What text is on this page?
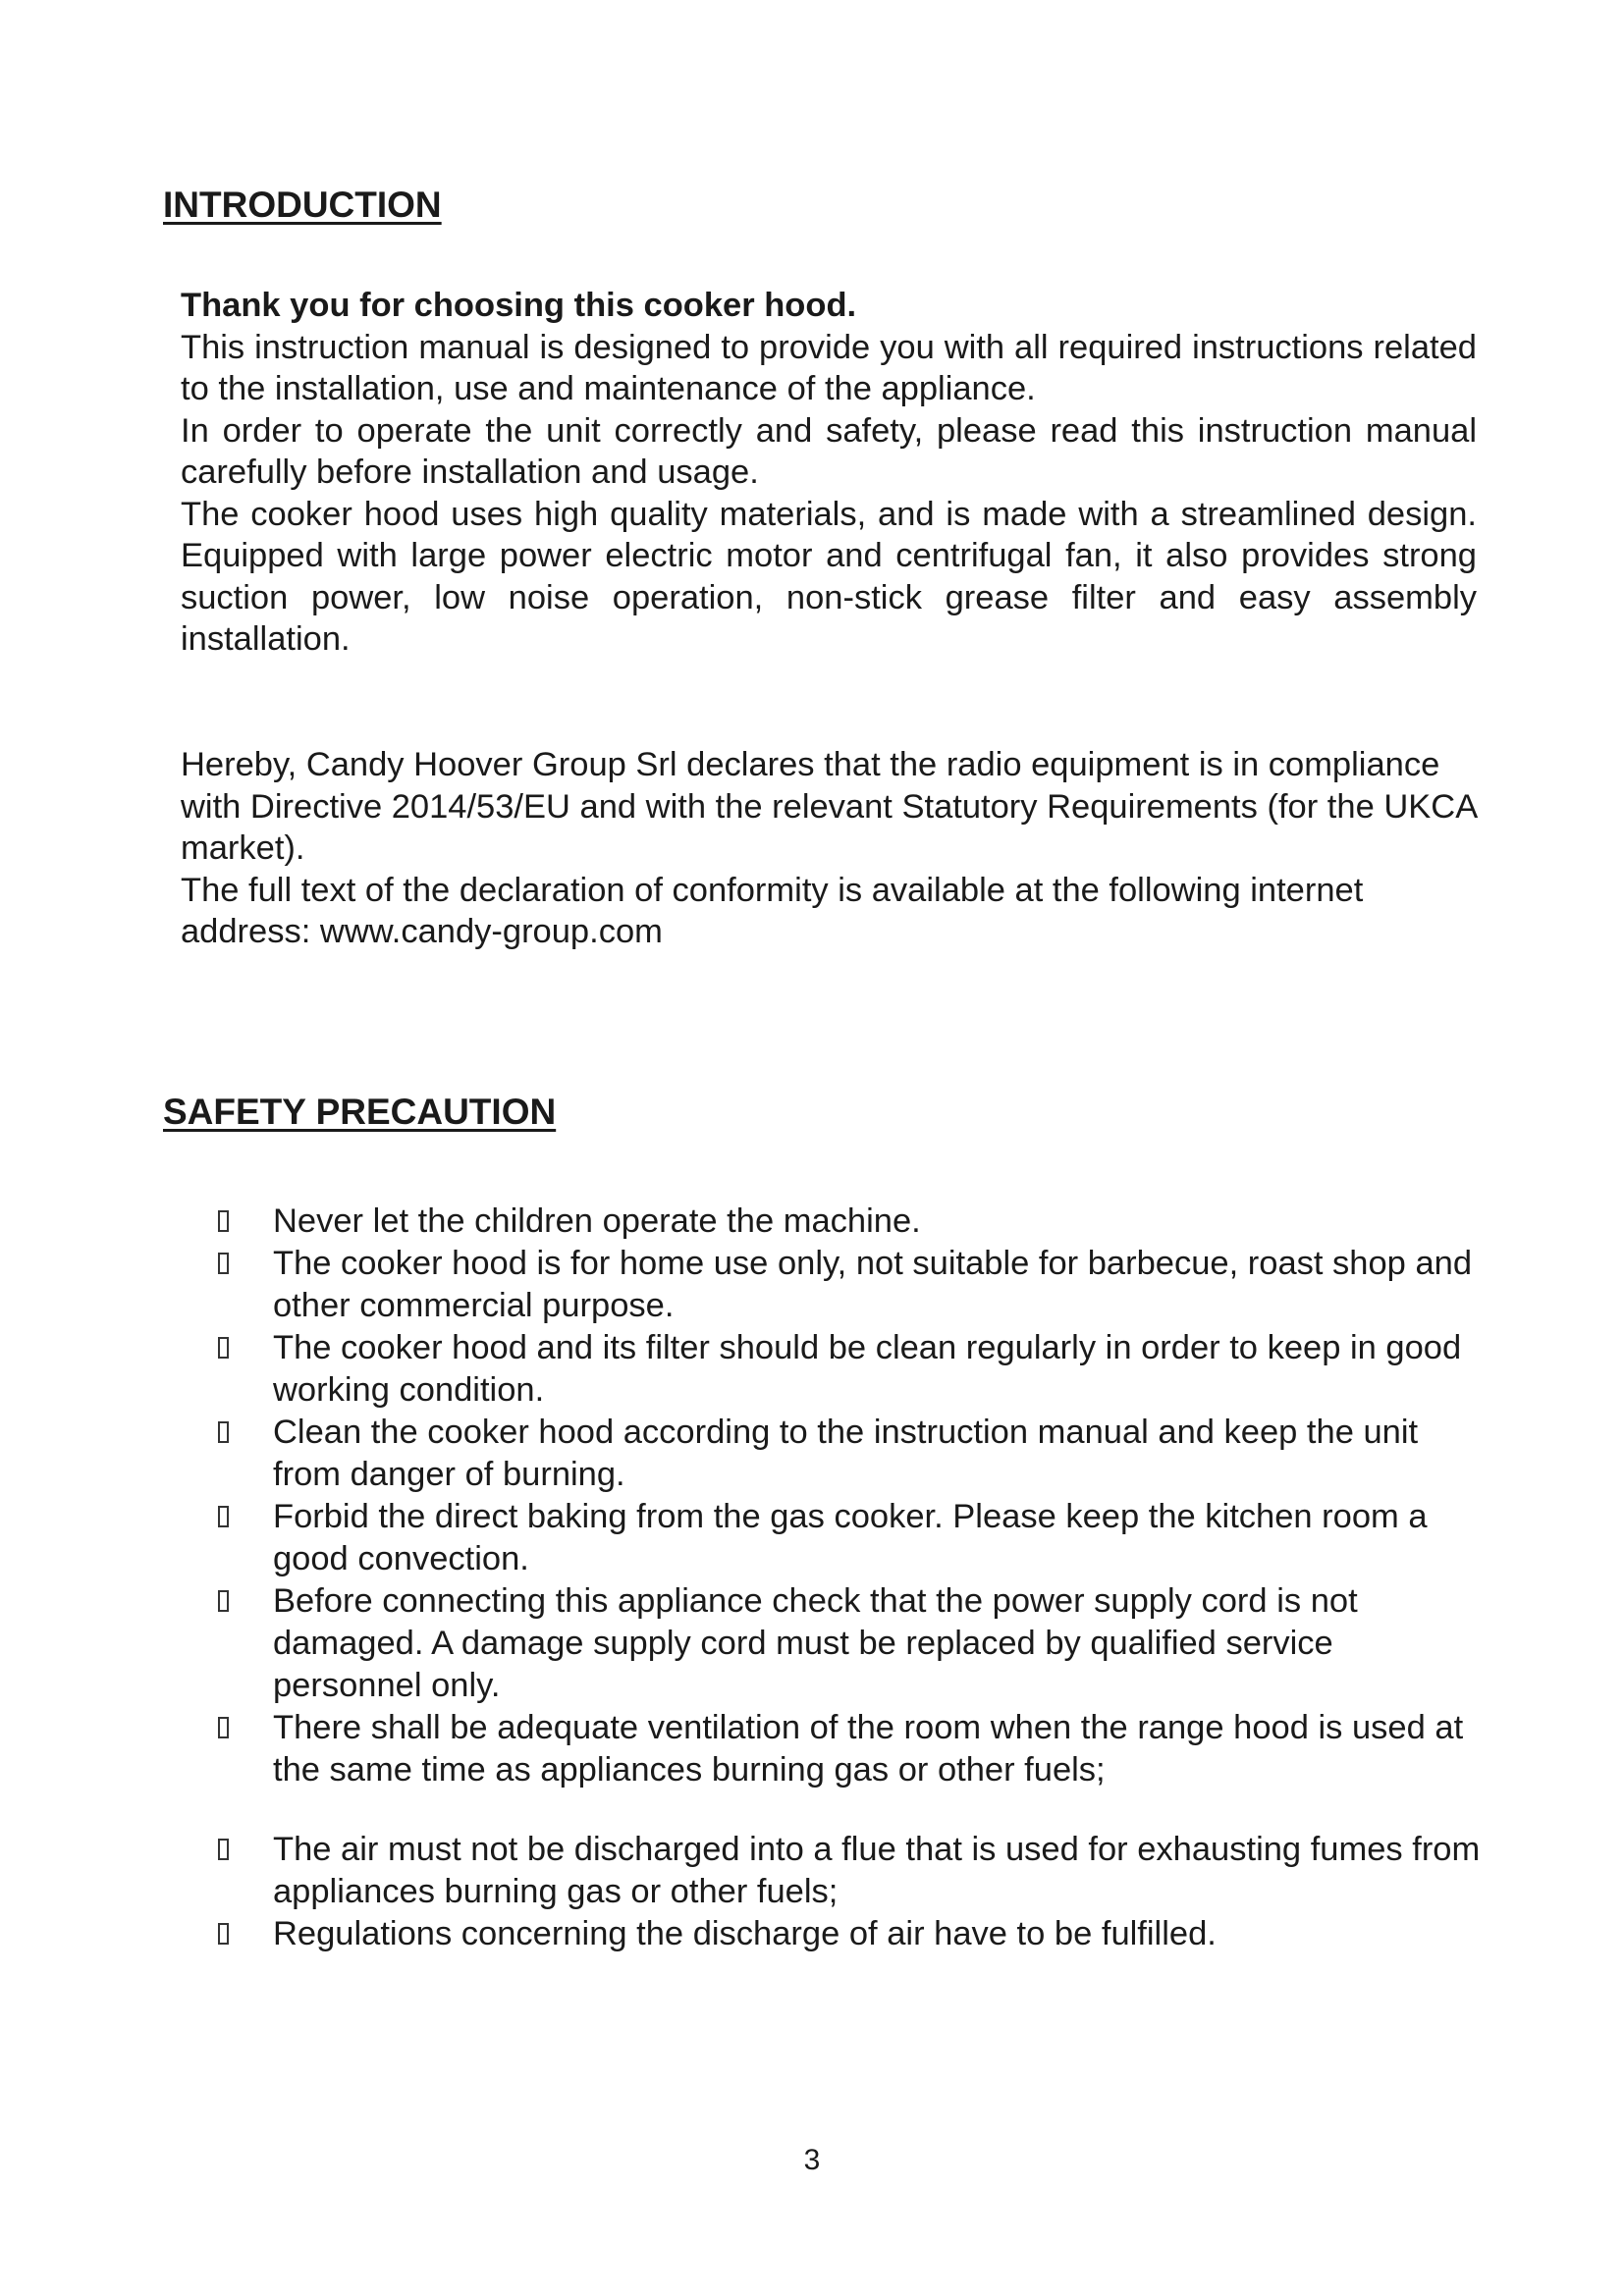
INTRODUCTION

Thank you for choosing this cooker hood.

This instruction manual is designed to provide you with all required instructions related to the installation, use and maintenance of the appliance.

In order to operate the unit correctly and safety, please read this instruction manual carefully before installation and usage.

The cooker hood uses high quality materials, and is made with a streamlined design. Equipped with large power electric motor and centrifugal fan, it also provides strong suction power, low noise operation, non-stick grease filter and easy assembly installation.

Hereby, Candy Hoover Group Srl declares that the radio equipment is in compliance with Directive 2014/53/EU and with the relevant Statutory Requirements (for the UKCA market).

The full text of the declaration of conformity is available at the following internet address: www.candy-group.com

SAFETY PRECAUTION
Never let the children operate the machine.
The cooker hood is for home use only, not suitable for barbecue, roast shop and other commercial purpose.
The cooker hood and its filter should be clean regularly in order to keep in good working condition.
Clean the cooker hood according to the instruction manual and keep the unit from danger of burning.
Forbid the direct baking from the gas cooker. Please keep the kitchen room a good convection.
Before connecting this appliance check that the power supply cord is not damaged. A damage supply cord must be replaced by qualified service personnel only.
There shall be adequate ventilation of the room when the range hood is used at the same time as appliances burning gas or other fuels;
The air must not be discharged into a flue that is used for exhausting fumes from appliances burning gas or other fuels;
Regulations concerning the discharge of air have to be fulfilled.
3
